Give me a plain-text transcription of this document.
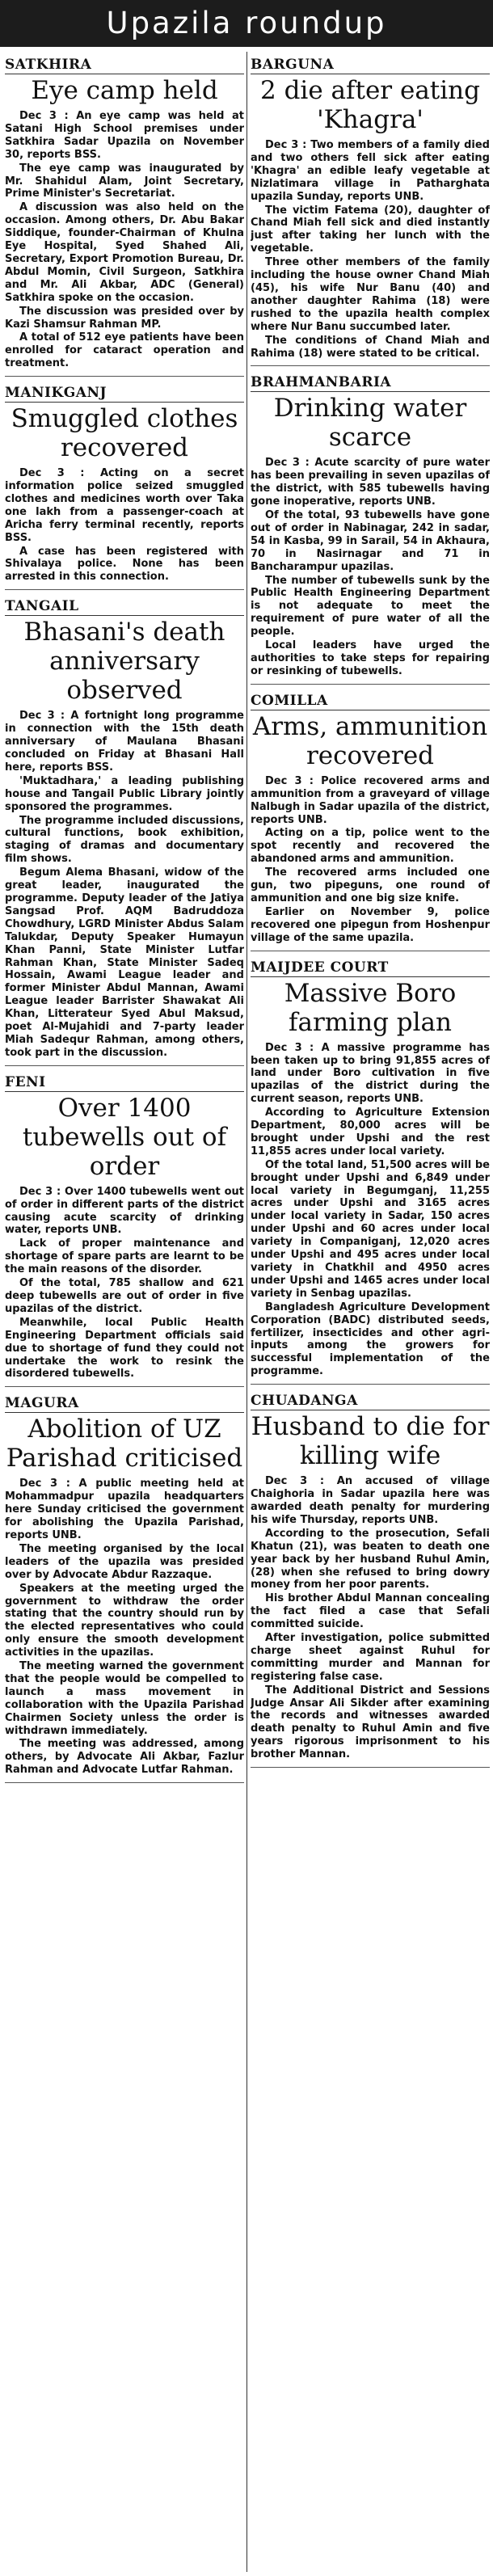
Upazila roundup
SATKHIRA
Eye camp held

Dec 3 : An eye camp was held at Satani High School premises under Satkhira Sadar Upazila on November 30, reports BSS.

The eye camp was inaugurated by Mr. Shahidul Alam, Joint Secretary, Prime Minister's Secretariat.

A discussion was also held on the occasion. Among others, Dr. Abu Bakar Siddique, founder-Chairman of Khulna Eye Hospital, Syed Shahed Ali, Secretary, Export Promotion Bureau, Dr. Abdul Momin, Civil Surgeon, Satkhira and Mr. Ali Akbar, ADC (General) Satkhira spoke on the occasion.

The discussion was presided over by Kazi Shamsur Rahman MP.

A total of 512 eye patients have been enrolled for cataract operation and treatment.

MANIKGANJ
Smuggled clothes recovered

Dec 3 : Acting on a secret information police seized smuggled clothes and medicines worth over Taka one lakh from a passenger-coach at Aricha ferry terminal recently, reports BSS.

A case has been registered with Shivalaya police. None has been arrested in this connection.

TANGAIL
Bhasani's death anniversary observed

Dec 3 : A fortnight long programme in connection with the 15th death anniversary of Maulana Bhasani concluded on Friday at Bhasani Hall here, reports BSS.

'Muktadhara,' a leading publishing house and Tangail Public Library jointly sponsored the programmes.

The programme included discussions, cultural functions, book exhibition, staging of dramas and documentary film shows.

Begum Alema Bhasani, widow of the great leader, inaugurated the programme. Deputy leader of the Jatiya Sangsad Prof. AQM Badruddoza Chowdhury, LGRD Minister Abdus Salam Talukdar, Deputy Speaker Humayun Khan Panni, State Minister Lutfar Rahman Khan, State Minister Sadeq Hossain, Awami League leader and former Minister Abdul Mannan, Awami League leader Barrister Shawakat Ali Khan, Litterateur Syed Abul Maksud, poet Al-Mujahidi and 7-party leader Miah Sadequr Rahman, among others, took part in the discussion.

FENI
Over 1400 tubewells out of order

Dec 3 : Over 1400 tubewells went out of order in different parts of the district causing acute scarcity of drinking water, reports UNB.

Lack of proper maintenance and shortage of spare parts are learnt to be the main reasons of the disorder.

Of the total, 785 shallow and 621 deep tubewells are out of order in five upazilas of the district.

Meanwhile, local Public Health Engineering Department officials said due to shortage of fund they could not undertake the work to resink the disordered tubewells.

MAGURA
Abolition of UZ Parishad criticised

Dec 3 : A public meeting held at Mohammadpur upazila headquarters here Sunday criticised the government for abolishing the Upazila Parishad, reports UNB.

The meeting organised by the local leaders of the upazila was presided over by Advocate Abdur Razzaque.

Speakers at the meeting urged the government to withdraw the order stating that the country should run by the elected representatives who could only ensure the smooth development activities in the upazilas.

The meeting warned the government that the people would be compelled to launch a mass movement in collaboration with the Upazila Parishad Chairmen Society unless the order is withdrawn immediately.

The meeting was addressed, among others, by Advocate Ali Akbar, Fazlur Rahman and Advocate Lutfar Rahman.

BARGUNA
2 die after eating 'Khagra'

Dec 3 : Two members of a family died and two others fell sick after eating 'Khagra' an edible leafy vegetable at Nizlatimara village in Patharghata upazila Sunday, reports UNB.

The victim Fatema (20), daughter of Chand Miah fell sick and died instantly just after taking her lunch with the vegetable.

Three other members of the family including the house owner Chand Miah (45), his wife Nur Banu (40) and another daughter Rahima (18) were rushed to the upazila health complex where Nur Banu succumbed later.

The conditions of Chand Miah and Rahima (18) were stated to be critical.

BRAHMANBARIA
Drinking water scarce

Dec 3 : Acute scarcity of pure water has been prevailing in seven upazilas of the district, with 585 tubewells having gone inoperative, reports UNB.

Of the total, 93 tubewells have gone out of order in Nabinagar, 242 in sadar, 54 in Kasba, 99 in Sarail, 54 in Akhaura, 70 in Nasirnagar and 71 in Bancharampur upazilas.

The number of tubewells sunk by the Public Health Engineering Department is not adequate to meet the requirement of pure water of all the people.

Local leaders have urged the authorities to take steps for repairing or resinking of tubewells.

COMILLA
Arms, ammunition recovered

Dec 3 : Police recovered arms and ammunition from a graveyard of village Nalbugh in Sadar upazila of the district, reports UNB.

Acting on a tip, police went to the spot recently and recovered the abandoned arms and ammunition.

The recovered arms included one gun, two pipeguns, one round of ammunition and one big size knife.

Earlier on November 9, police recovered one pipegun from Hoshenpur village of the same upazila.

MAIJDEE COURT
Massive Boro farming plan

Dec 3 : A massive programme has been taken up to bring 91,855 acres of land under Boro cultivation in five upazilas of the district during the current season, reports UNB.

According to Agriculture Extension Department, 80,000 acres will be brought under Upshi and the rest 11,855 acres under local variety.

Of the total land, 51,500 acres will be brought under Upshi and 6,849 under local variety in Begumganj, 11,255 acres under Upshi and 3165 acres under local variety in Sadar, 150 acres under Upshi and 60 acres under local variety in Companiganj, 12,020 acres under Upshi and 495 acres under local variety in Chatkhil and 4950 acres under Upshi and 1465 acres under local variety in Senbag upazilas.

Bangladesh Agriculture Development Corporation (BADC) distributed seeds, fertilizer, insecticides and other agri-inputs among the growers for successful implementation of the programme.

CHUADANGA
Husband to die for killing wife

Dec 3 : An accused of village Chaighoria in Sadar upazila here was awarded death penalty for murdering his wife Thursday, reports UNB.

According to the prosecution, Sefali Khatun (21), was beaten to death one year back by her husband Ruhul Amin, (28) when she refused to bring dowry money from her poor parents.

His brother Abdul Mannan concealing the fact filed a case that Sefali committed suicide.

After investigation, police submitted charge sheet against Ruhul for committing murder and Mannan for registering false case.

The Additional District and Sessions Judge Ansar Ali Sikder after examining the records and witnesses awarded death penalty to Ruhul Amin and five years rigorous imprisonment to his brother Mannan.
